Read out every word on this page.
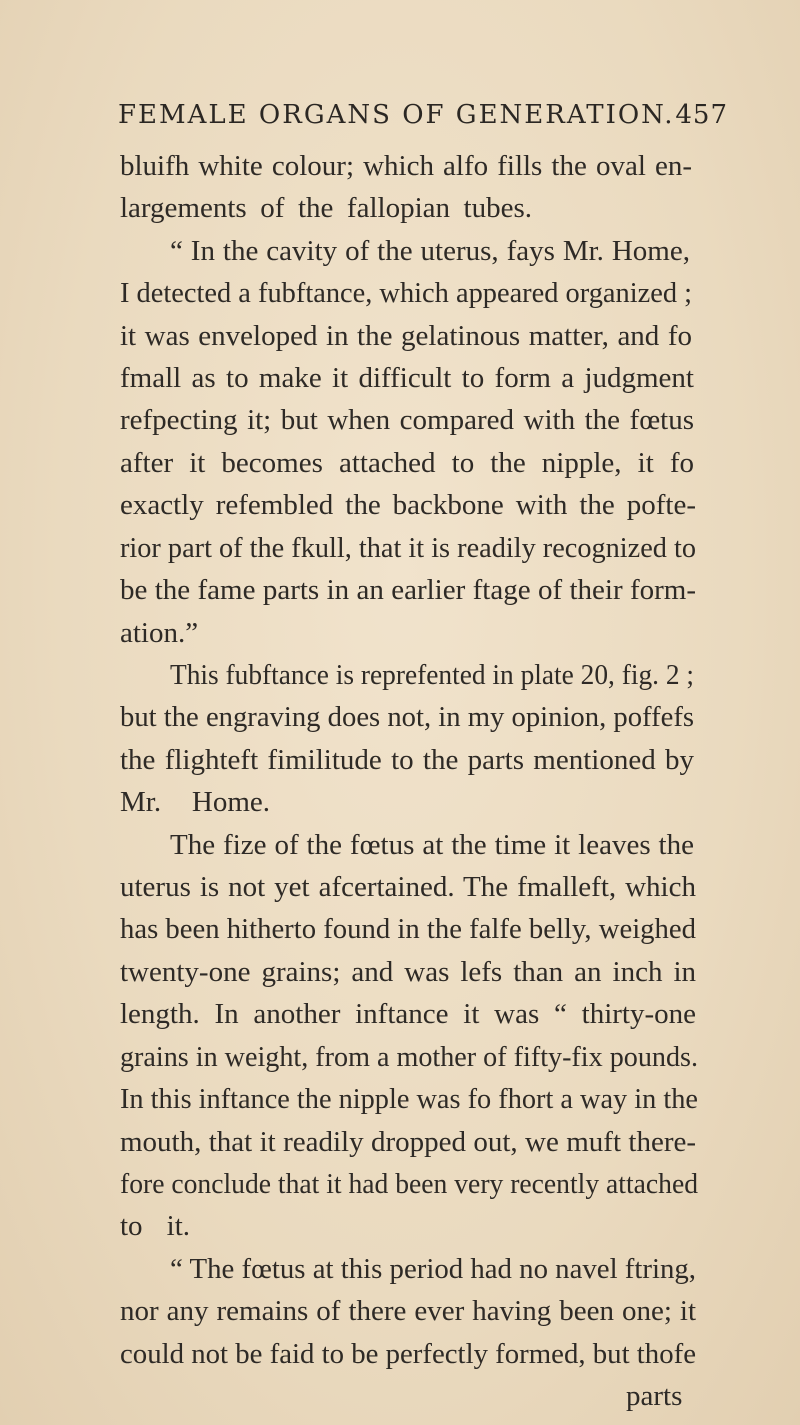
FEMALE ORGANS OF GENERATION. 457
bluifh white colour; which alfo fills the oval en-
largements of the fallopian tubes.
“ In the cavity of the uterus, fays Mr. Home,
I detected a fubftance, which appeared organized ;
it was enveloped in the gelatinous matter, and fo
fmall as to make it difficult to form a judgment
refpecting it; but when compared with the fœtus
after it becomes attached to the nipple, it fo
exactly refembled the backbone with the pofte-
rior part of the fkull, that it is readily recognized to
be the fame parts in an earlier ftage of their form-
ation.”
This fubftance is reprefented in plate 20, fig. 2 ;
but the engraving does not, in my opinion, poffefs
the flighteft fimilitude to the parts mentioned by
Mr. Home.
The fize of the fœtus at the time it leaves the
uterus is not yet afcertained. The fmalleft, which
has been hitherto found in the falfe belly, weighed
twenty-one grains; and was lefs than an inch in
length. In another inftance it was “ thirty-one
grains in weight, from a mother of fifty-fix pounds.
In this inftance the nipple was fo fhort a way in the
mouth, that it readily dropped out, we muft there-
fore conclude that it had been very recently attached
to it.
“ The fœtus at this period had no navel ftring,
nor any remains of there ever having been one; it
could not be faid to be perfectly formed, but thofe
parts
